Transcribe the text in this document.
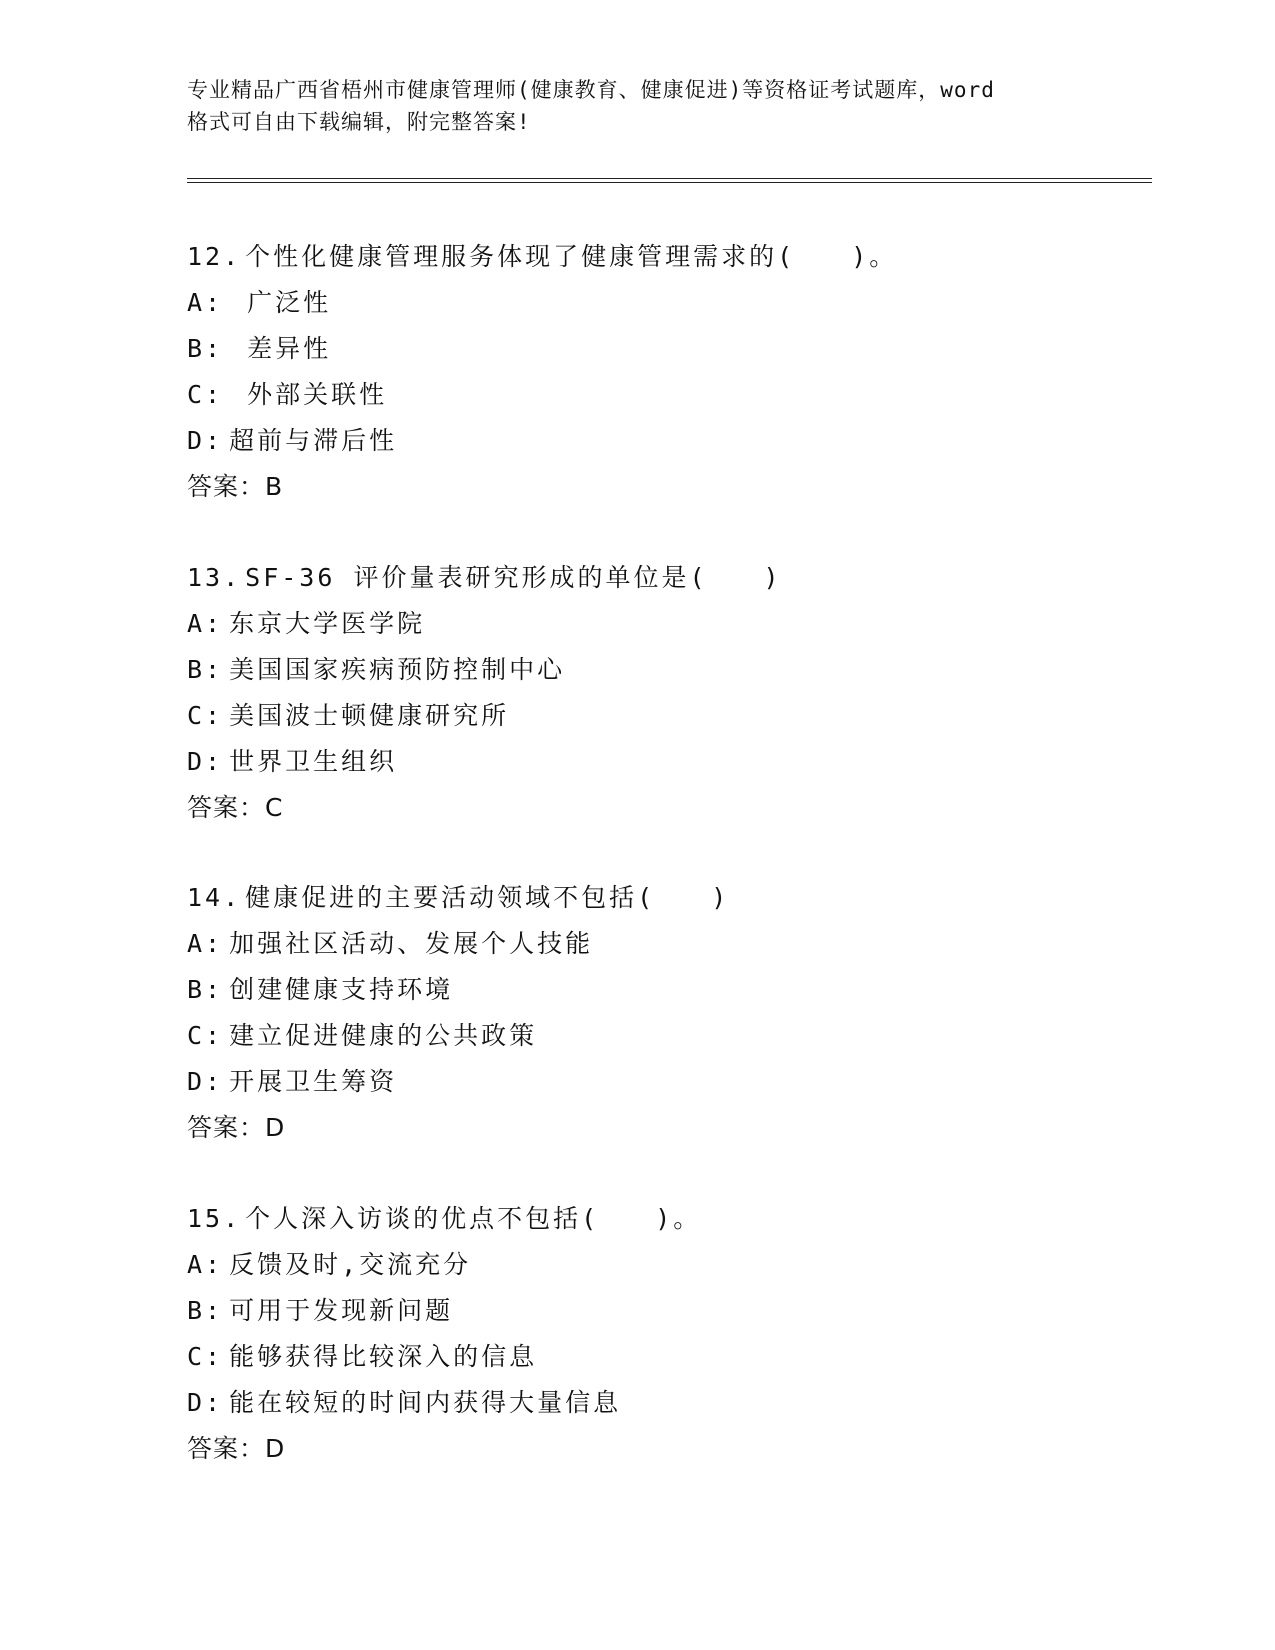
专业精品广西省梧州市健康管理师(健康教育、健康促进)等资格证考试题库，word
格式可自由下载编辑，附完整答案!
12. 个性化健康管理服务体现了健康管理需求的(　　)。
A: 广泛性
B: 差异性
C: 外部关联性
D: 超前与滞后性
答案：B
13. SF-36 评价量表研究形成的单位是(　　)
A: 东京大学医学院
B: 美国国家疾病预防控制中心
C: 美国波士顿健康研究所
D: 世界卫生组织
答案：C
14. 健康促进的主要活动领域不包括(　　)
A: 加强社区活动、发展个人技能
B: 创建健康支持环境
C: 建立促进健康的公共政策
D: 开展卫生筹资
答案：D
15. 个人深入访谈的优点不包括(　　)。
A: 反馈及时,交流充分
B: 可用于发现新问题
C: 能够获得比较深入的信息
D: 能在较短的时间内获得大量信息
答案：D
